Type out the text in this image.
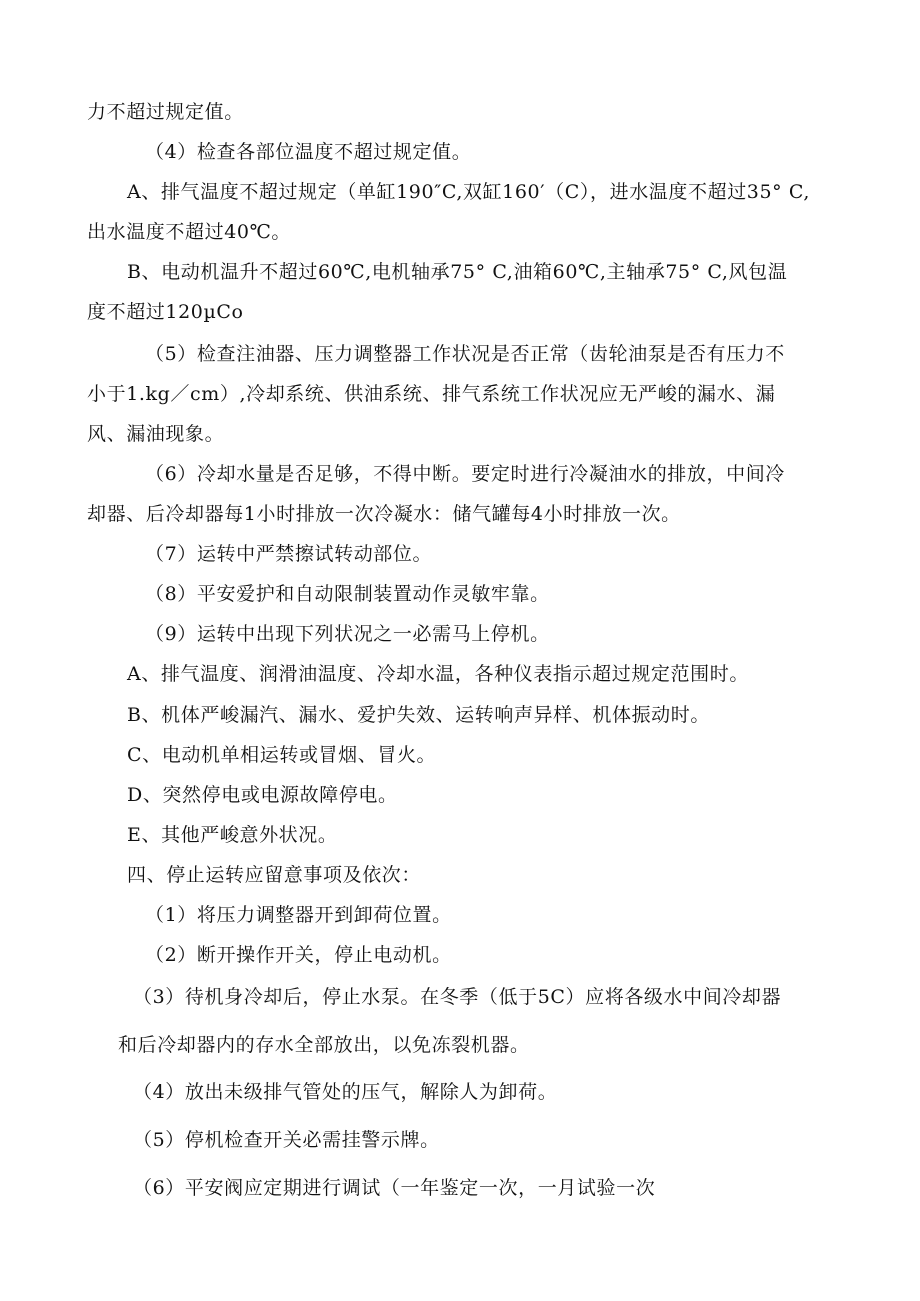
力不超过规定值。
（4）检查各部位温度不超过规定值。
A、排气温度不超过规定（单缸190″C,双缸160′（C），进水温度不超过35° C,
出水温度不超过40℃。
B、电动机温升不超过60℃,电机轴承75° C,油箱60℃,主轴承75° C,风包温
度不超过120µCo
（5）检查注油器、压力调整器工作状况是否正常（齿轮油泵是否有压力不
小于1.kg／cm）,冷却系统、供油系统、排气系统工作状况应无严峻的漏水、漏
风、漏油现象。
（6）冷却水量是否足够，不得中断。要定时进行冷凝油水的排放，中间冷
却器、后冷却器每1小时排放一次冷凝水：储气罐每4小时排放一次。
（7）运转中严禁擦试转动部位。
（8）平安爱护和自动限制装置动作灵敏牢靠。
（9）运转中出现下列状况之一必需马上停机。
A、排气温度、润滑油温度、冷却水温，各种仪表指示超过规定范围时。
B、机体严峻漏汽、漏水、爱护失效、运转响声异样、机体振动时。
C、电动机单相运转或冒烟、冒火。
D、突然停电或电源故障停电。
E、其他严峻意外状况。
四、停止运转应留意事项及依次：
（1）将压力调整器开到卸荷位置。
（2）断开操作开关，停止电动机。
（3）待机身冷却后，停止水泵。在冬季（低于5C）应将各级水中间冷却器
和后冷却器内的存水全部放出，以免冻裂机器。
（4）放出未级排气管处的压气，解除人为卸荷。
（5）停机检查开关必需挂警示牌。
（6）平安阀应定期进行调试（一年鉴定一次，一月试验一次
